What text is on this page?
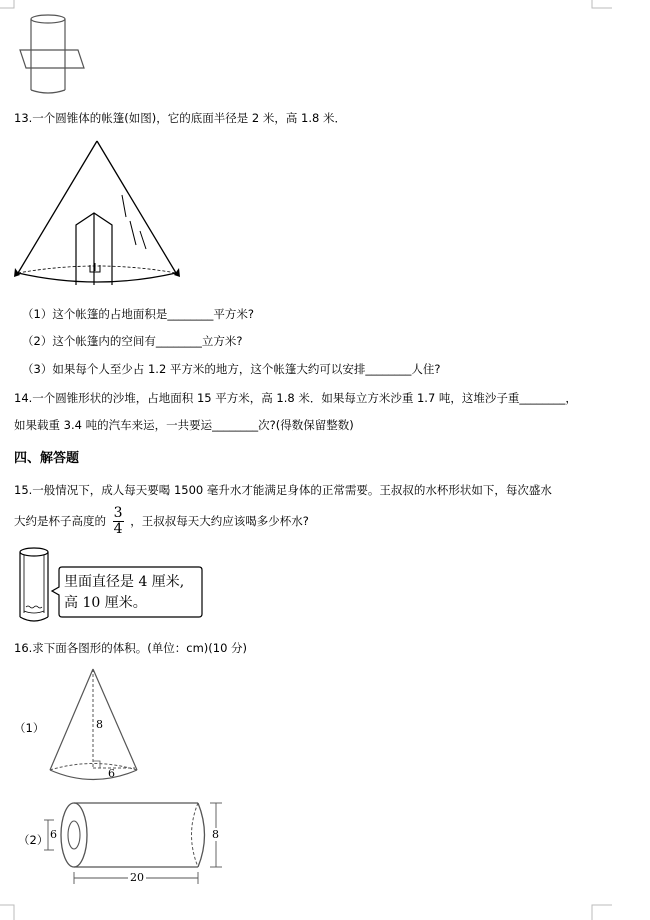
13.一个圆锥体的帐篷(如图)，它的底面半径是 2 米，高 1.8 米．
（1）这个帐篷的占地面积是________平方米?
（2）这个帐篷内的空间有________立方米?
（3）如果每个人至少占 1.2 平方米的地方，这个帐篷大约可以安排________人住?
14.一个圆锥形状的沙堆，占地面积 15 平方米，高 1.8 米．如果每立方米沙重 1.7 吨，这堆沙子重________，
如果载重 3.4 吨的汽车来运，一共要运________次?(得数保留整数)
四、解答题
15.一般情况下，成人每天要喝 1500 毫升水才能满足身体的正常需要。王叔叔的水杯形状如下，每次盛水
大约是杯子高度的 $\frac{3}{4}$ ，王叔叔每天大约应该喝多少杯水?
里面直径是 4 厘米,
高 10 厘米。
16.求下面各图形的体积。(单位：cm)(10 分)
（1）	8
6
（2） 6	8
20
